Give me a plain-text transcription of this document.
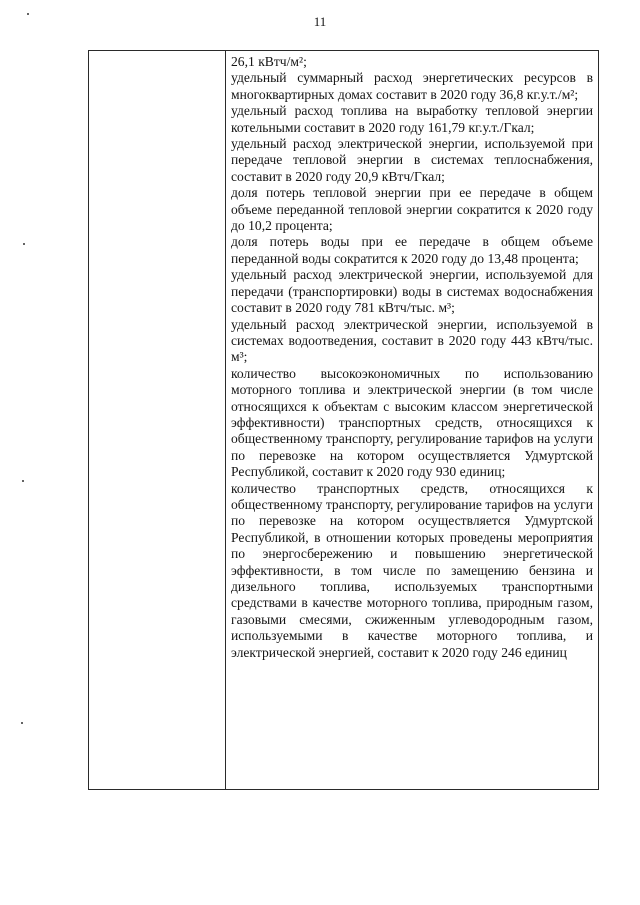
11

26,1 кВтч/м²;

удельный суммарный расход энергетических ресурсов в многоквартирных домах составит в 2020 году 36,8 кг.у.т./м²;

удельный расход топлива на выработку тепловой энергии котельными составит в 2020 году 161,79 кг.у.т./Гкал;

удельный расход электрической энергии, используемой при передаче тепловой энергии в системах теплоснабжения, составит в 2020 году 20,9 кВтч/Гкал;

доля потерь тепловой энергии при ее передаче в общем объеме переданной тепловой энергии сократится к 2020 году до 10,2 процента;

доля потерь воды при ее передаче в общем объеме переданной воды сократится к 2020 году до 13,48 процента;

удельный расход электрической энергии, используемой для передачи (транспортировки) воды в системах водоснабжения составит в 2020 году 781 кВтч/тыс. м³;

удельный расход электрической энергии, используемой в системах водоотведения, составит в 2020 году 443 кВтч/тыс. м³;

количество высокоэкономичных по использованию моторного топлива и электрической энергии (в том числе относящихся к объектам с высоким классом энергетической эффективности) транспортных средств, относящихся к общественному транспорту, регулирование тарифов на услуги по перевозке на котором осуществляется Удмуртской Республикой, составит к 2020 году 930 единиц;

количество транспортных средств, относящихся к общественному транспорту, регулирование тарифов на услуги по перевозке на котором осуществляется Удмуртской Республикой, в отношении которых проведены мероприятия по энергосбережению и повышению энергетической эффективности, в том числе по замещению бензина и дизельного топлива, используемых транспортными средствами в качестве моторного топлива, природным газом, газовыми смесями, сжиженным углеводородным газом, используемыми в качестве моторного топлива, и электрической энергией, составит к 2020 году 246 единиц
